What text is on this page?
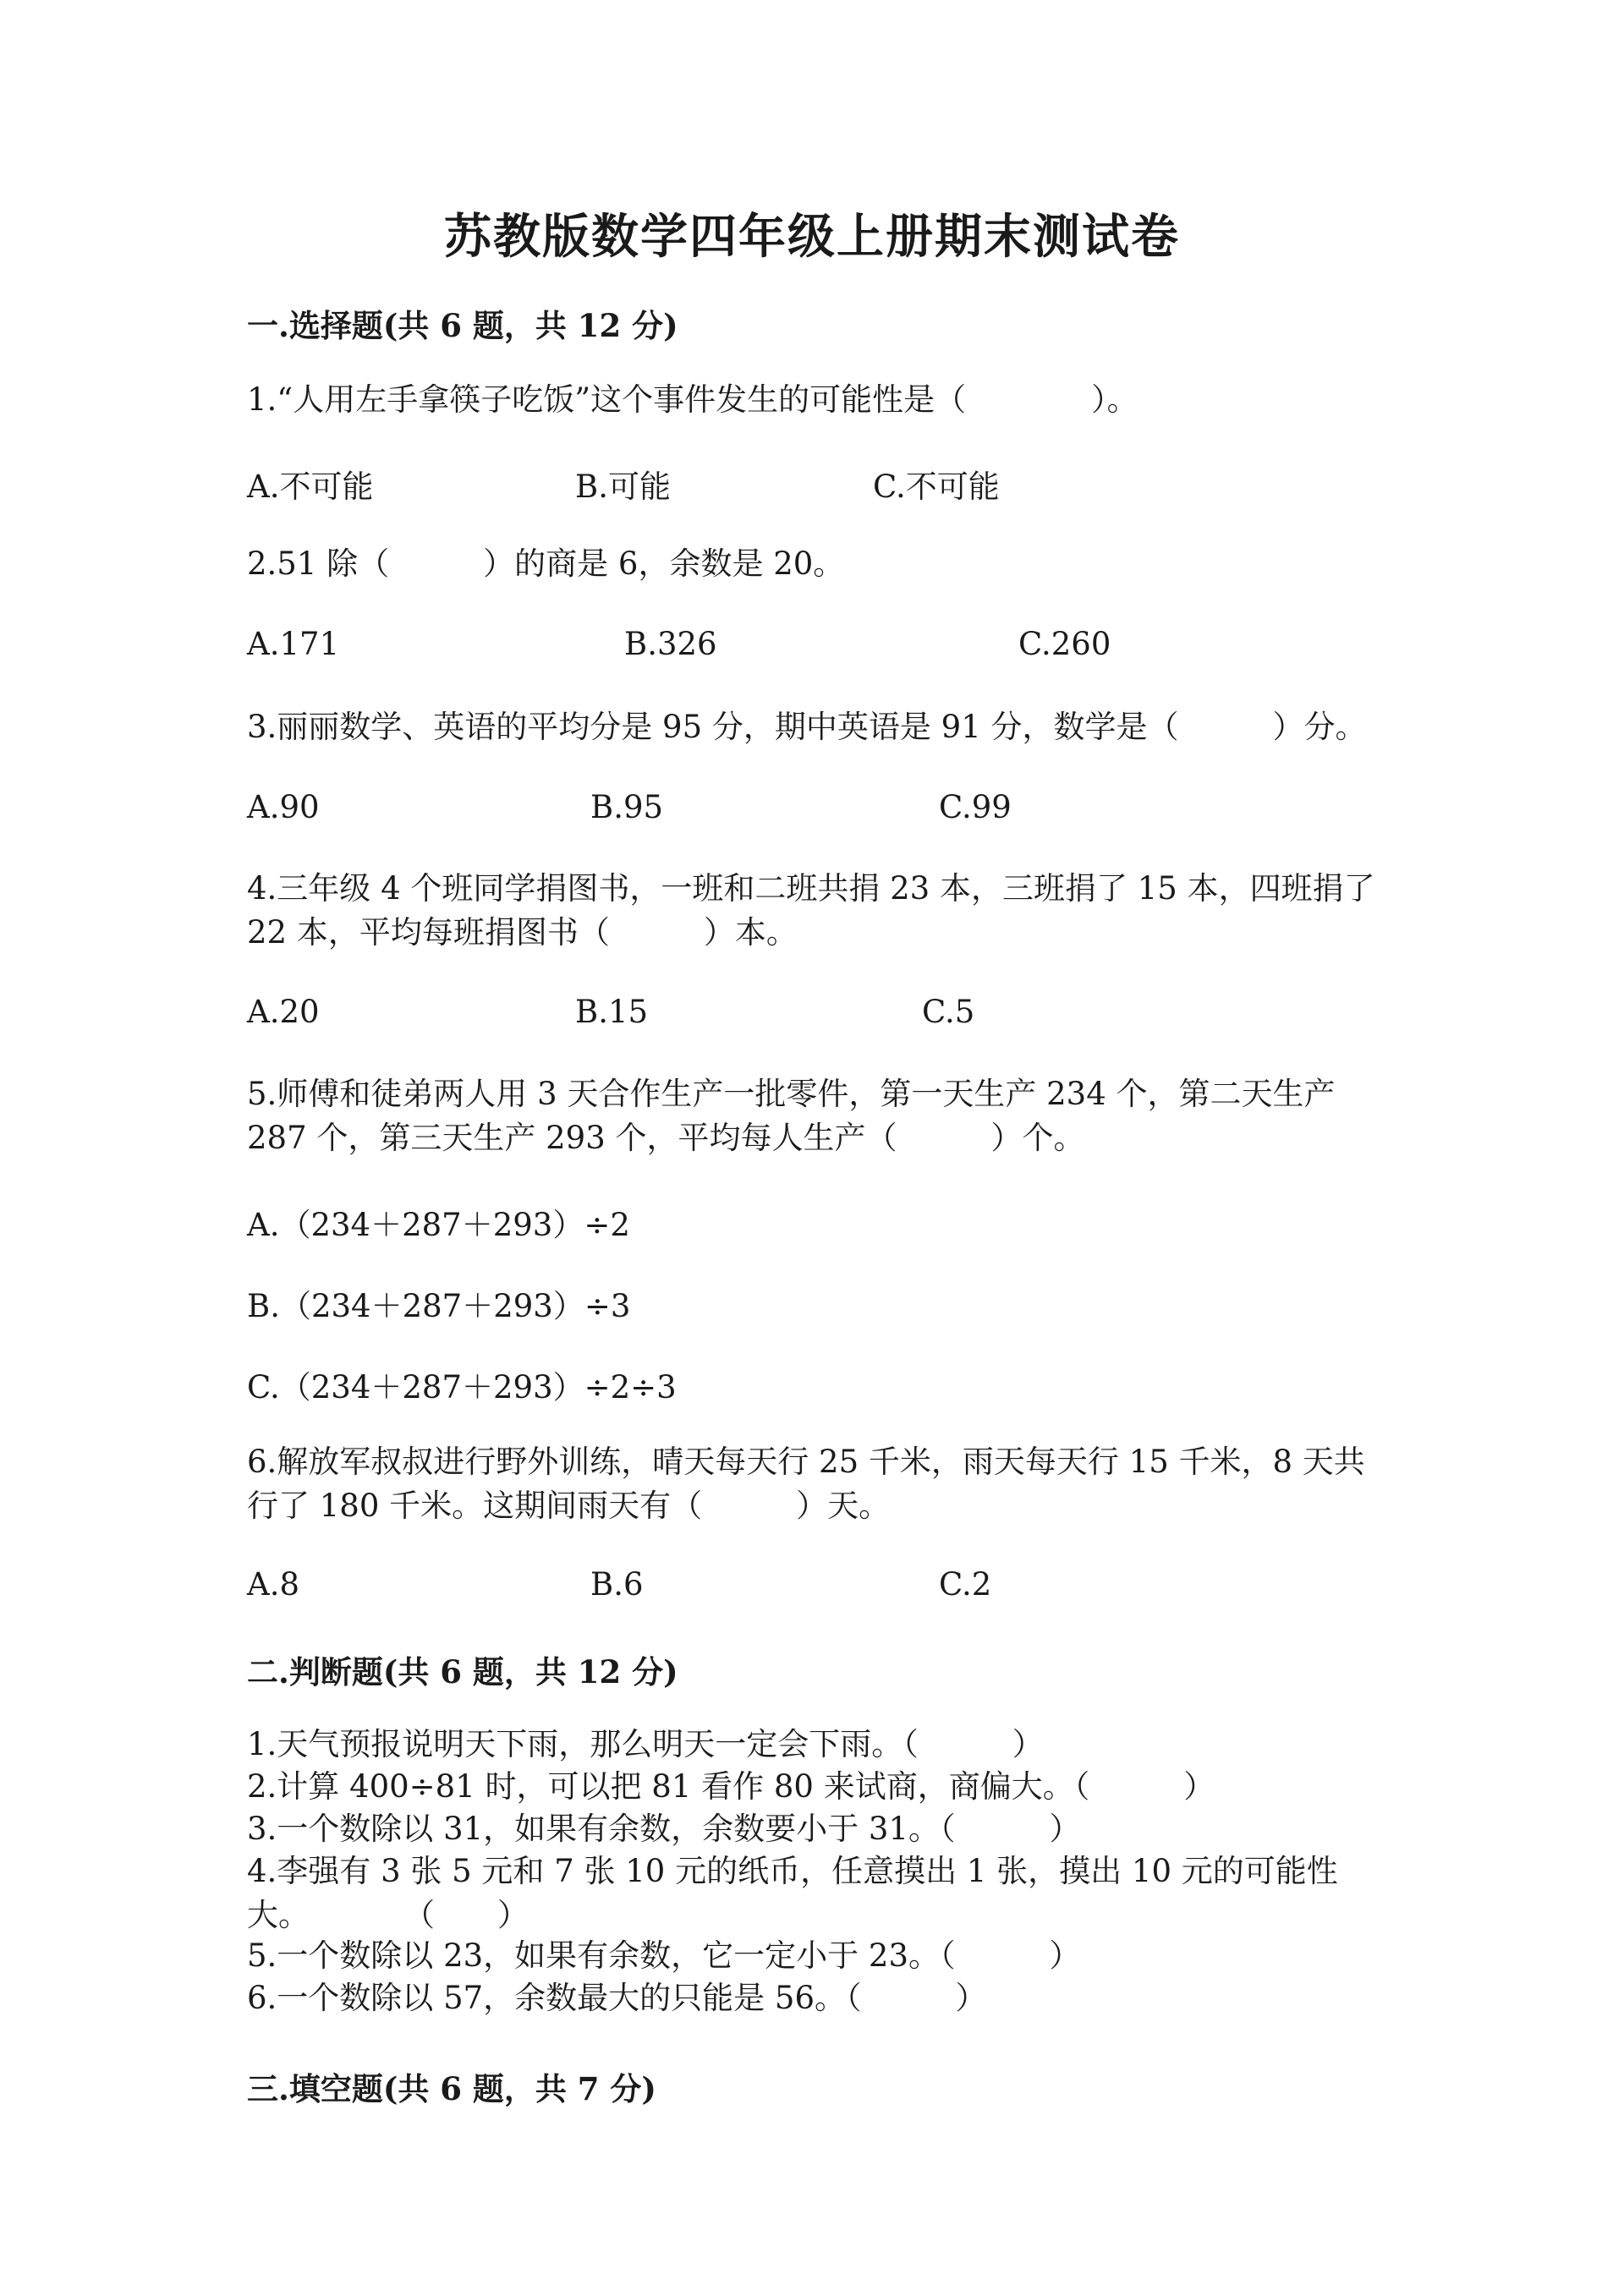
苏教版数学四年级上册期末测试卷
一.选择题(共 6 题，共 12 分)
1.“人用左手拿筷子吃饭”这个事件发生的可能性是（　　　　）。
A.不可能	B.可能	C.不可能
2.51 除（　　　）的商是 6，余数是 20。
A.171	B.326	C.260
3.丽丽数学、英语的平均分是 95 分，期中英语是 91 分，数学是（　　　）分。
A.90	B.95	C.99
4.三年级 4 个班同学捐图书，一班和二班共捐 23 本，三班捐了 15 本，四班捐了 22 本，平均每班捐图书（　　　）本。
A.20	B.15	C.5
5.师傅和徒弟两人用 3 天合作生产一批零件，第一天生产 234 个，第二天生产 287 个，第三天生产 293 个，平均每人生产（　　　）个。
A.（234＋287＋293）÷2
B.（234＋287＋293）÷3
C.（234＋287＋293）÷2÷3
6.解放军叔叔进行野外训练，晴天每天行 25 千米，雨天每天行 15 千米，8 天共行了 180 千米。这期间雨天有（　　　）天。
A.8	B.6	C.2
二.判断题(共 6 题，共 12 分)
1.天气预报说明天下雨，那么明天一定会下雨。（　　　）
2.计算 400÷81 时，可以把 81 看作 80 来试商，商偏大。（　　　）
3.一个数除以 31，如果有余数，余数要小于 31。（　　　）
4.李强有 3 张 5 元和 7 张 10 元的纸币，任意摸出 1 张，摸出 10 元的可能性大。　　　　（　　）
5.一个数除以 23，如果有余数，它一定小于 23。（　　　）
6.一个数除以 57，余数最大的只能是 56。（　　　）
三.填空题(共 6 题，共 7 分)
